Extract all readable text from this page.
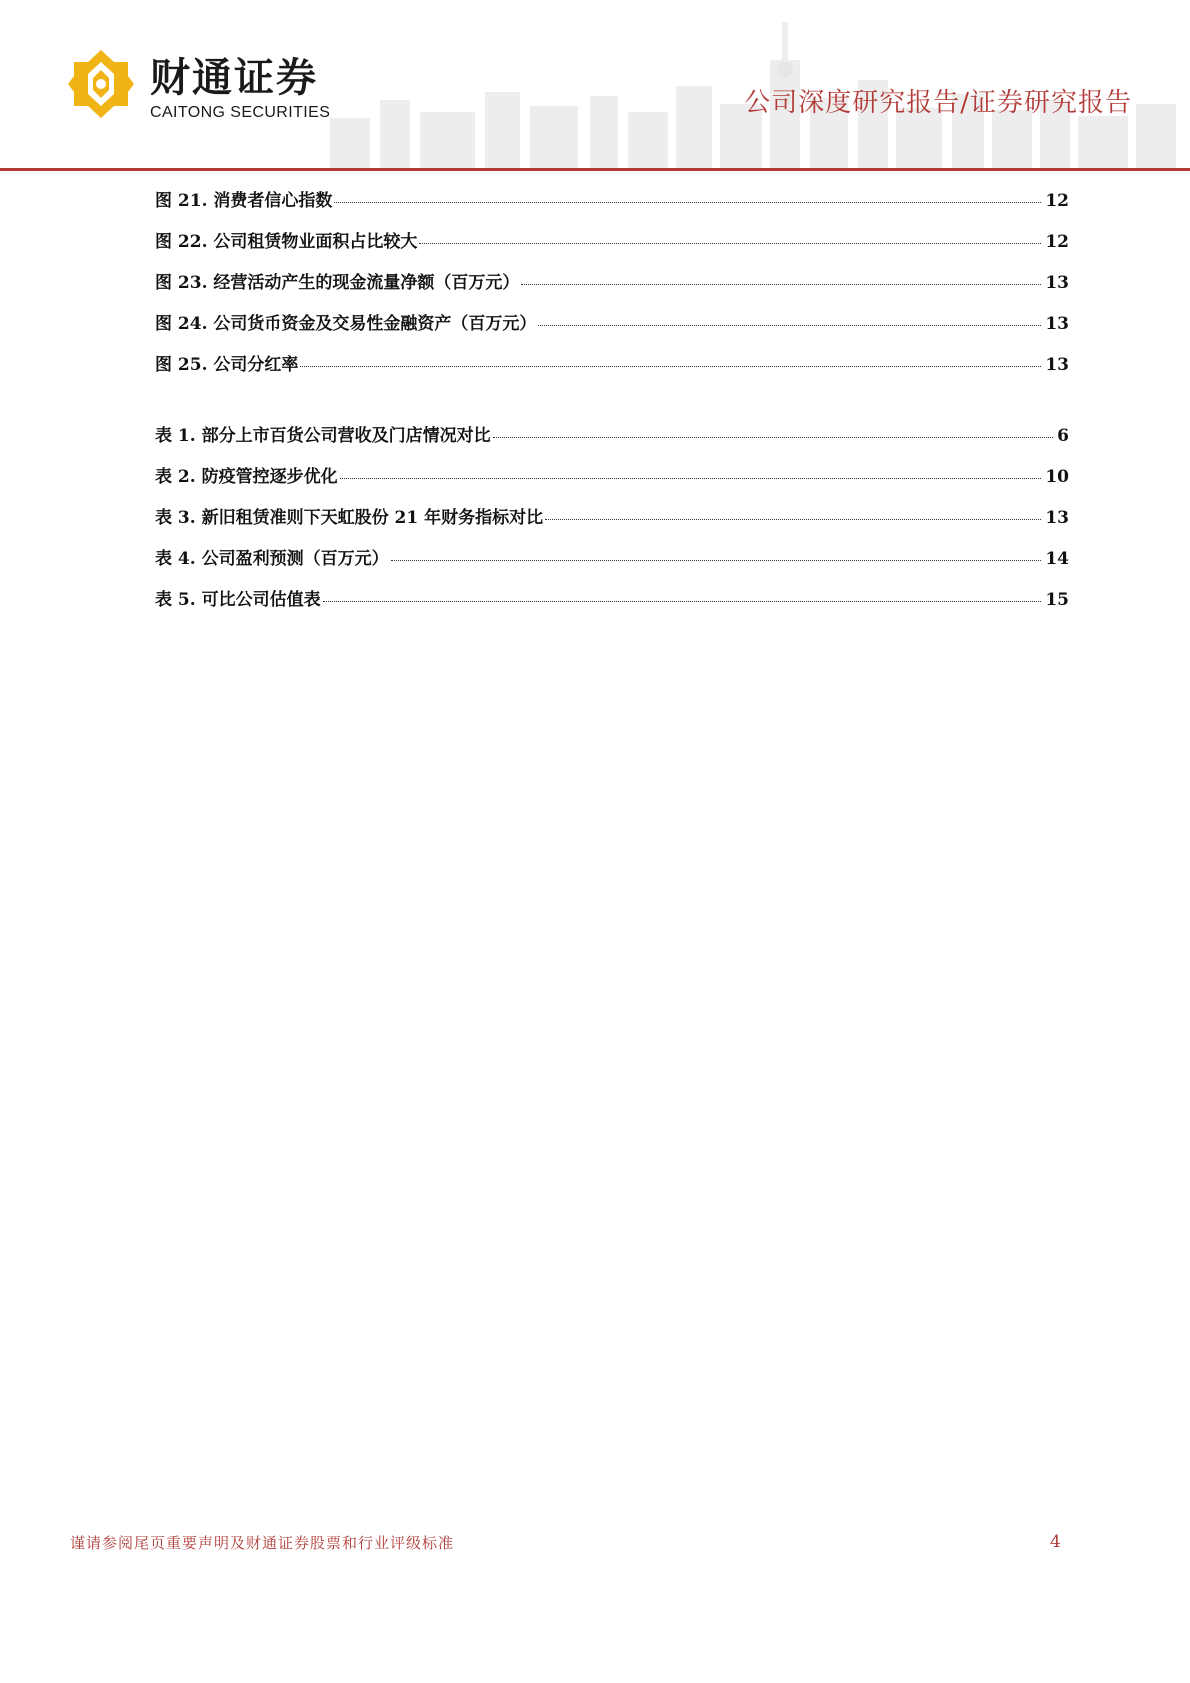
财通证券
CAITONG SECURITIES	公司深度研究报告/证券研究报告
图 21. 消费者信心指数	12
图 22. 公司租赁物业面积占比较大	12
图 23. 经营活动产生的现金流量净额（百万元）	13
图 24. 公司货币资金及交易性金融资产（百万元）	13
图 25. 公司分红率	13
表 1. 部分上市百货公司营收及门店情况对比	6
表 2. 防疫管控逐步优化	10
表 3. 新旧租赁准则下天虹股份 21 年财务指标对比	13
表 4. 公司盈利预测（百万元）	14
表 5. 可比公司估值表	15
谨请参阅尾页重要声明及财通证券股票和行业评级标准	4
